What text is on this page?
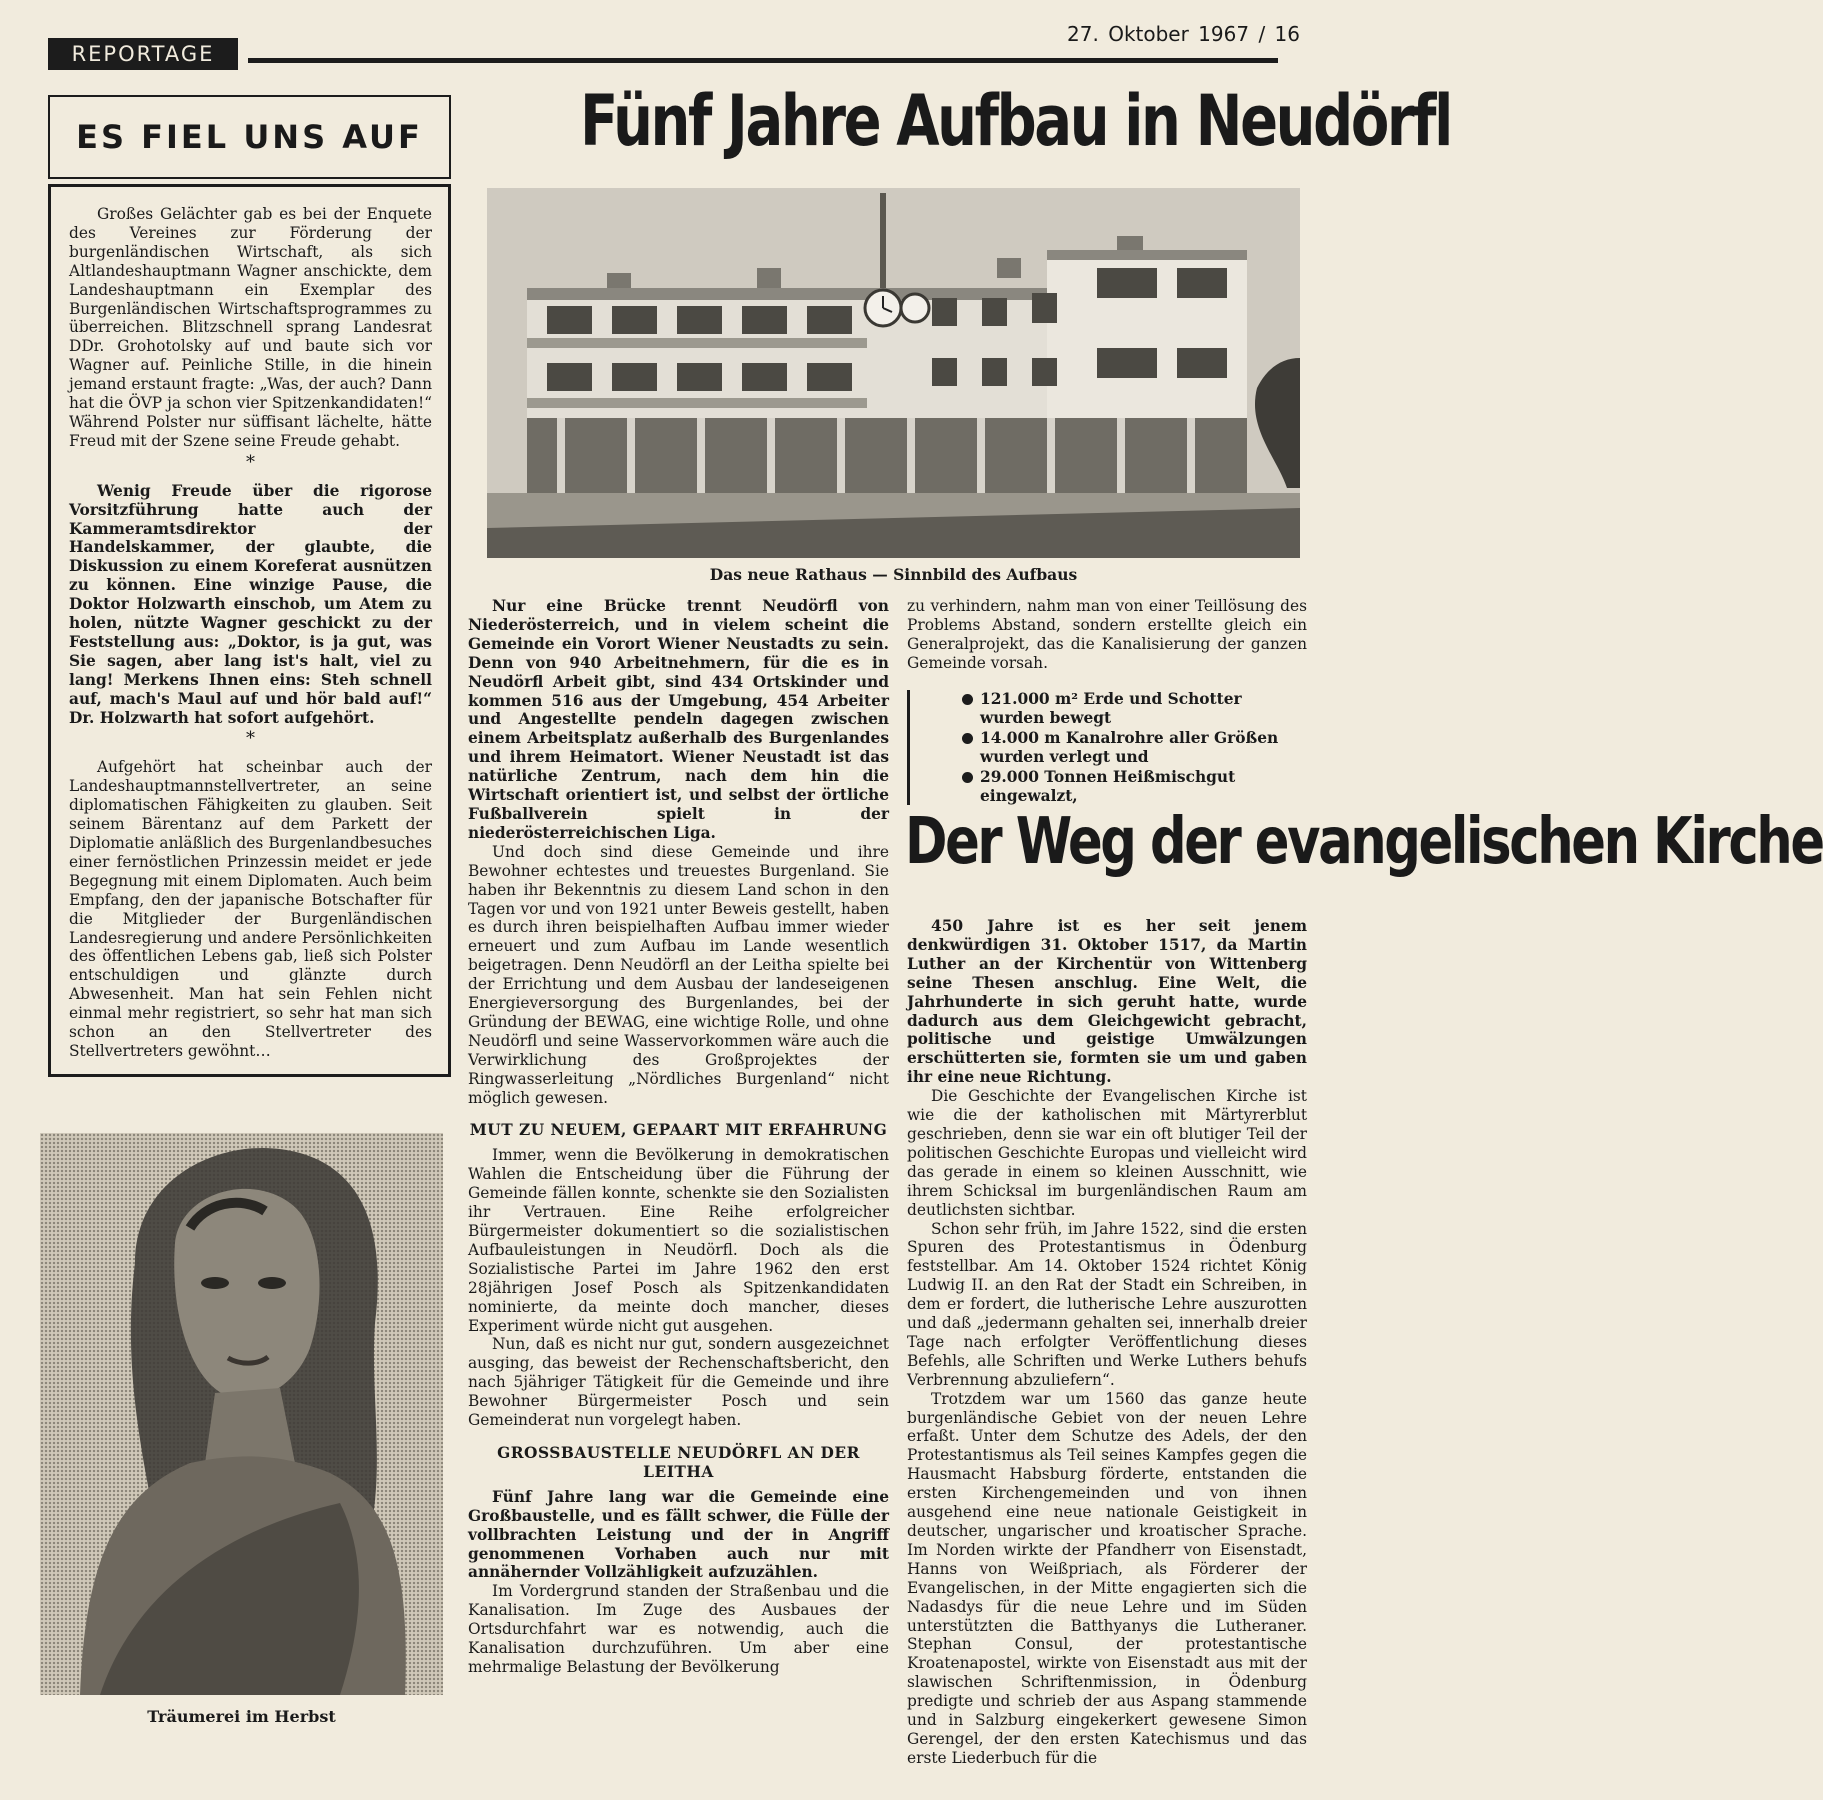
REPORTAGE
27. Oktober 1967 / 16
ES FIEL UNS AUF

Großes Gelächter gab es bei der Enquete des Vereines zur Förderung der burgenländischen Wirtschaft, als sich Altlandeshauptmann Wagner anschickte, dem Landeshauptmann ein Exemplar des Burgenländischen Wirtschaftsprogrammes zu überreichen. Blitzschnell sprang Landesrat DDr. Grohotolsky auf und baute sich vor Wagner auf. Peinliche Stille, in die hinein jemand erstaunt fragte: „Was, der auch? Dann hat die ÖVP ja schon vier Spitzenkandidaten!“ Während Polster nur süffisant lächelte, hätte Freud mit der Szene seine Freude gehabt.

*

Wenig Freude über die rigorose Vorsitzführung hatte auch der Kammeramtsdirektor der Handelskammer, der glaubte, die Diskussion zu einem Koreferat ausnützen zu können. Eine winzige Pause, die Doktor Holzwarth einschob, um Atem zu holen, nützte Wagner geschickt zu der Feststellung aus: „Doktor, is ja gut, was Sie sagen, aber lang ist's halt, viel zu lang! Merkens Ihnen eins: Steh schnell auf, mach's Maul auf und hör bald auf!“ Dr. Holzwarth hat sofort aufgehört.

*

Aufgehört hat scheinbar auch der Landeshauptmannstellvertreter, an seine diplomatischen Fähigkeiten zu glauben. Seit seinem Bärentanz auf dem Parkett der Diplomatie anläßlich des Burgenlandbesuches einer fernöstlichen Prinzessin meidet er jede Begegnung mit einem Diplomaten. Auch beim Empfang, den der japanische Botschafter für die Mitglieder der Burgenländischen Landesregierung und andere Persönlichkeiten des öffentlichen Lebens gab, ließ sich Polster entschuldigen und glänzte durch Abwesenheit. Man hat sein Fehlen nicht einmal mehr registriert, so sehr hat man sich schon an den Stellvertreter des Stellvertreters gewöhnt…

Träumerei im Herbst
Fünf Jahre Aufbau in Neudörfl
Das neue Rathaus — Sinnbild des Aufbaus

Nur eine Brücke trennt Neudörfl von Niederösterreich, und in vielem scheint die Gemeinde ein Vorort Wiener Neustadts zu sein. Denn von 940 Arbeitnehmern, für die es in Neudörfl Arbeit gibt, sind 434 Ortskinder und kommen 516 aus der Umgebung, 454 Arbeiter und Angestellte pendeln dagegen zwischen einem Arbeitsplatz außerhalb des Burgenlandes und ihrem Heimatort. Wiener Neustadt ist das natürliche Zentrum, nach dem hin die Wirtschaft orientiert ist, und selbst der örtliche Fußballverein spielt in der niederösterreichischen Liga.

Und doch sind diese Gemeinde und ihre Bewohner echtestes und treuestes Burgenland. Sie haben ihr Bekenntnis zu diesem Land schon in den Tagen vor und von 1921 unter Beweis gestellt, haben es durch ihren beispielhaften Aufbau immer wieder erneuert und zum Aufbau im Lande wesentlich beigetragen. Denn Neudörfl an der Leitha spielte bei der Errichtung und dem Ausbau der landeseigenen Energieversorgung des Burgenlandes, bei der Gründung der BEWAG, eine wichtige Rolle, und ohne Neudörfl und seine Wasservorkommen wäre auch die Verwirklichung des Großprojektes der Ringwasserleitung „Nördliches Burgenland“ nicht möglich gewesen.

MUT ZU NEUEM, GEPAART MIT ERFAHRUNG

Immer, wenn die Bevölkerung in demokratischen Wahlen die Entscheidung über die Führung der Gemeinde fällen konnte, schenkte sie den Sozialisten ihr Vertrauen. Eine Reihe erfolgreicher Bürgermeister dokumentiert so die sozialistischen Aufbauleistungen in Neudörfl. Doch als die Sozialistische Partei im Jahre 1962 den erst 28jährigen Josef Posch als Spitzenkandidaten nominierte, da meinte doch mancher, dieses Experiment würde nicht gut ausgehen.

Nun, daß es nicht nur gut, sondern ausgezeichnet ausging, das beweist der Rechenschaftsbericht, den nach 5jähriger Tätigkeit für die Gemeinde und ihre Bewohner Bürgermeister Posch und sein Gemeinderat nun vorgelegt haben.

GROSSBAUSTELLE NEUDÖRFL AN DER LEITHA

Fünf Jahre lang war die Gemeinde eine Großbaustelle, und es fällt schwer, die Fülle der vollbrachten Leistung und der in Angriff genommenen Vorhaben auch nur mit annähernder Vollzähligkeit aufzuzählen.

Im Vordergrund standen der Straßenbau und die Kanalisation. Im Zuge des Ausbaues der Ortsdurchfahrt war es notwendig, auch die Kanalisation durchzuführen. Um aber eine mehrmalige Belastung der Bevölkerung

zu verhindern, nahm man von einer Teillösung des Problems Abstand, sondern erstellte gleich ein Generalprojekt, das die Kanalisierung der ganzen Gemeinde vorsah.

121.000 m² Erde und Schotter wurden bewegt
14.000 m Kanalrohre aller Größen wurden verlegt und
29.000 Tonnen Heißmischgut eingewalzt,
Der Weg der evangelischen Kirche

450 Jahre ist es her seit jenem denkwürdigen 31. Oktober 1517, da Martin Luther an der Kirchentür von Wittenberg seine Thesen anschlug. Eine Welt, die Jahrhunderte in sich geruht hatte, wurde dadurch aus dem Gleichgewicht gebracht, politische und geistige Umwälzungen erschütterten sie, formten sie um und gaben ihr eine neue Richtung.

Die Geschichte der Evangelischen Kirche ist wie die der katholischen mit Märtyrerblut geschrieben, denn sie war ein oft blutiger Teil der politischen Geschichte Europas und vielleicht wird das gerade in einem so kleinen Ausschnitt, wie ihrem Schicksal im burgenländischen Raum am deutlichsten sichtbar.

Schon sehr früh, im Jahre 1522, sind die ersten Spuren des Protestantismus in Ödenburg feststellbar. Am 14. Oktober 1524 richtet König Ludwig II. an den Rat der Stadt ein Schreiben, in dem er fordert, die lutherische Lehre auszurotten und daß „jedermann gehalten sei, innerhalb dreier Tage nach erfolgter Veröffentlichung dieses Befehls, alle Schriften und Werke Luthers behufs Verbrennung abzuliefern“.

Trotzdem war um 1560 das ganze heute burgenländische Gebiet von der neuen Lehre erfaßt. Unter dem Schutze des Adels, der den Protestantismus als Teil seines Kampfes gegen die Hausmacht Habsburg förderte, entstanden die ersten Kirchengemeinden und von ihnen ausgehend eine neue nationale Geistigkeit in deutscher, ungarischer und kroatischer Sprache. Im Norden wirkte der Pfandherr von Eisenstadt, Hanns von Weißpriach, als Förderer der Evangelischen, in der Mitte engagierten sich die Nadasdys für die neue Lehre und im Süden unterstützten die Batthyanys die Lutheraner. Stephan Consul, der protestantische Kroatenapostel, wirkte von Eisenstadt aus mit der slawischen Schriftenmission, in Ödenburg predigte und schrieb der aus Aspang stammende und in Salzburg eingekerkert gewesene Simon Gerengel, der den ersten Katechismus und das erste Liederbuch für die
